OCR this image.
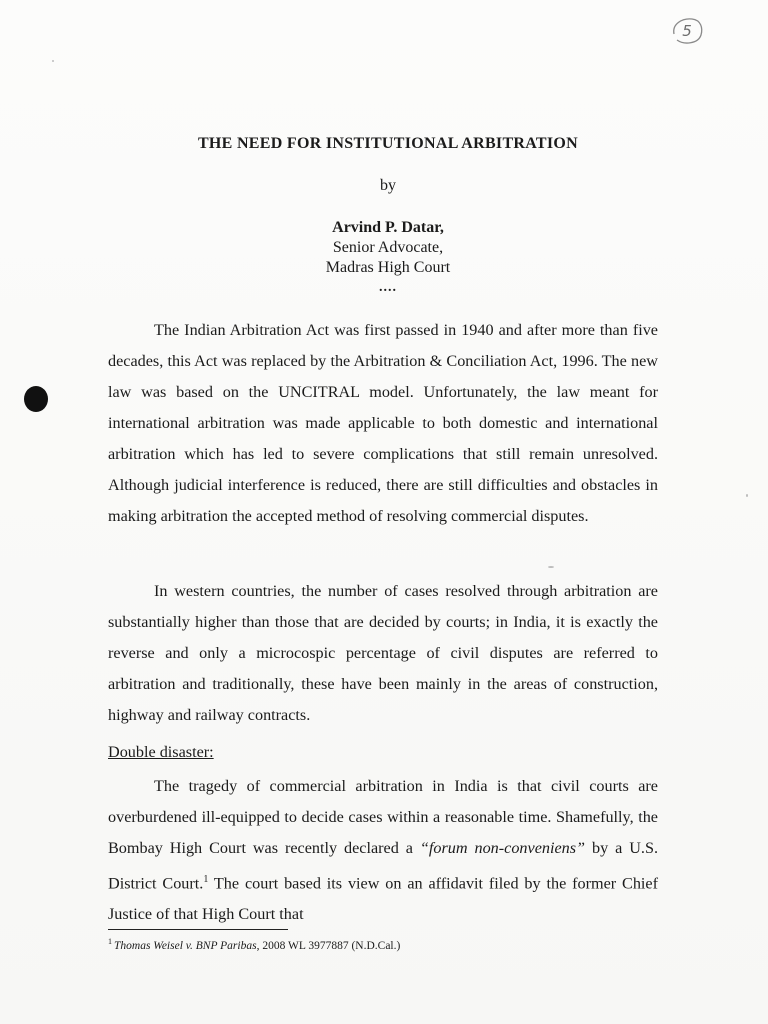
5
THE NEED FOR INSTITUTIONAL ARBITRATION
by
Arvind P. Datar,
Senior Advocate,
Madras High Court
....
The Indian Arbitration Act was first passed in 1940 and after more than five decades, this Act was replaced by the Arbitration & Conciliation Act, 1996. The new law was based on the UNCITRAL model. Unfortunately, the law meant for international arbitration was made applicable to both domestic and international arbitration which has led to severe complications that still remain unresolved. Although judicial interference is reduced, there are still difficulties and obstacles in making arbitration the accepted method of resolving commercial disputes.
In western countries, the number of cases resolved through arbitration are substantially higher than those that are decided by courts; in India, it is exactly the reverse and only a microcospic percentage of civil disputes are referred to arbitration and traditionally, these have been mainly in the areas of construction, highway and railway contracts.
Double disaster:
The tragedy of commercial arbitration in India is that civil courts are overburdened ill-equipped to decide cases within a reasonable time. Shamefully, the Bombay High Court was recently declared a “forum non-conveniens” by a U.S. District Court.$^1$ The court based its view on an affidavit filed by the former Chief Justice of that High Court that
$^1$ Thomas Weisel v. BNP Paribas, 2008 WL 3977887 (N.D.Cal.)
